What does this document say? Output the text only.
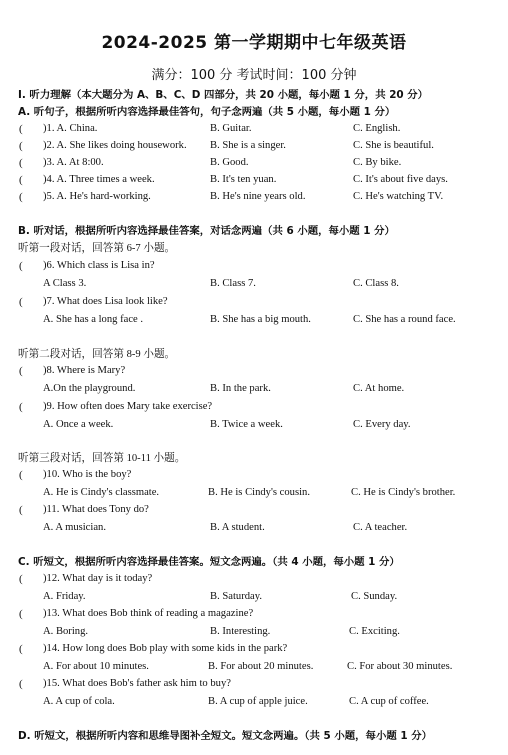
2024-2025 第一学期期中七年级英语
满分：100 分 考试时间：100 分钟
I. 听力理解（本大题分为 A、B、C、D 四部分，共 20 小题，每小题 1 分，共 20 分）
A. 听句子，根据所听内容选择最佳答句，句子念两遍（共 5 小题，每小题 1 分）
( )1. A. China.	B. Guitar.	C. English.
( )2. A. She likes doing housework. B. She is a singer.	C. She is beautiful.
( )3. A. At 8:00.	B. Good.	C. By bike.
( )4. A. Three times a week.	B. It's ten yuan.	C. It's about five days.
( )5. A. He's hard-working.	B. He's nine years old.	C. He's watching TV.
B. 听对话，根据所听内容选择最佳答案，对话念两遍（共 6 小题，每小题 1 分）
听第一段对话，回答第 6-7 小题。
( )6. Which class is Lisa in?
A Class 3.	B. Class 7.	C. Class 8.
( )7. What does Lisa look like?
A. She has a long face .	B. She has a big mouth.	C. She has a round face.
听第二段对话，回答第 8-9 小题。
( )8. Where is Mary?
A.On the playground.	B. In the park.	C. At home.
( )9. How often does Mary take exercise?
A. Once a week.	B. Twice a week.	C. Every day.
听第三段对话，回答第 10-11 小题。
( )10. Who is the boy?
A. He is Cindy's classmate.	B. He is Cindy's cousin.	C. He is Cindy's brother.
( )11. What does Tony do?
A. A musician.	B. A student.	C. A teacher.
C. 听短文，根据所听内容选择最佳答案。短文念两遍。（共 4 小题，每小题 1 分）
( )12. What day is it today?
A. Friday.	B. Saturday.	C. Sunday.
( )13. What does Bob think of reading a magazine?
A. Boring.	B. Interesting.	C. Exciting.
( )14. How long does Bob play with some kids in the park?
A. For about 10 minutes.	B. For about 20 minutes.	C. For about 30 minutes.
( )15. What does Bob's father ask him to buy?
A. A cup of cola.	B. A cup of apple juice.	C. A cup of coffee.
D. 听短文，根据所听内容和思维导图补全短文。短文念两遍。（共 5 小题，每小题 1 分）
